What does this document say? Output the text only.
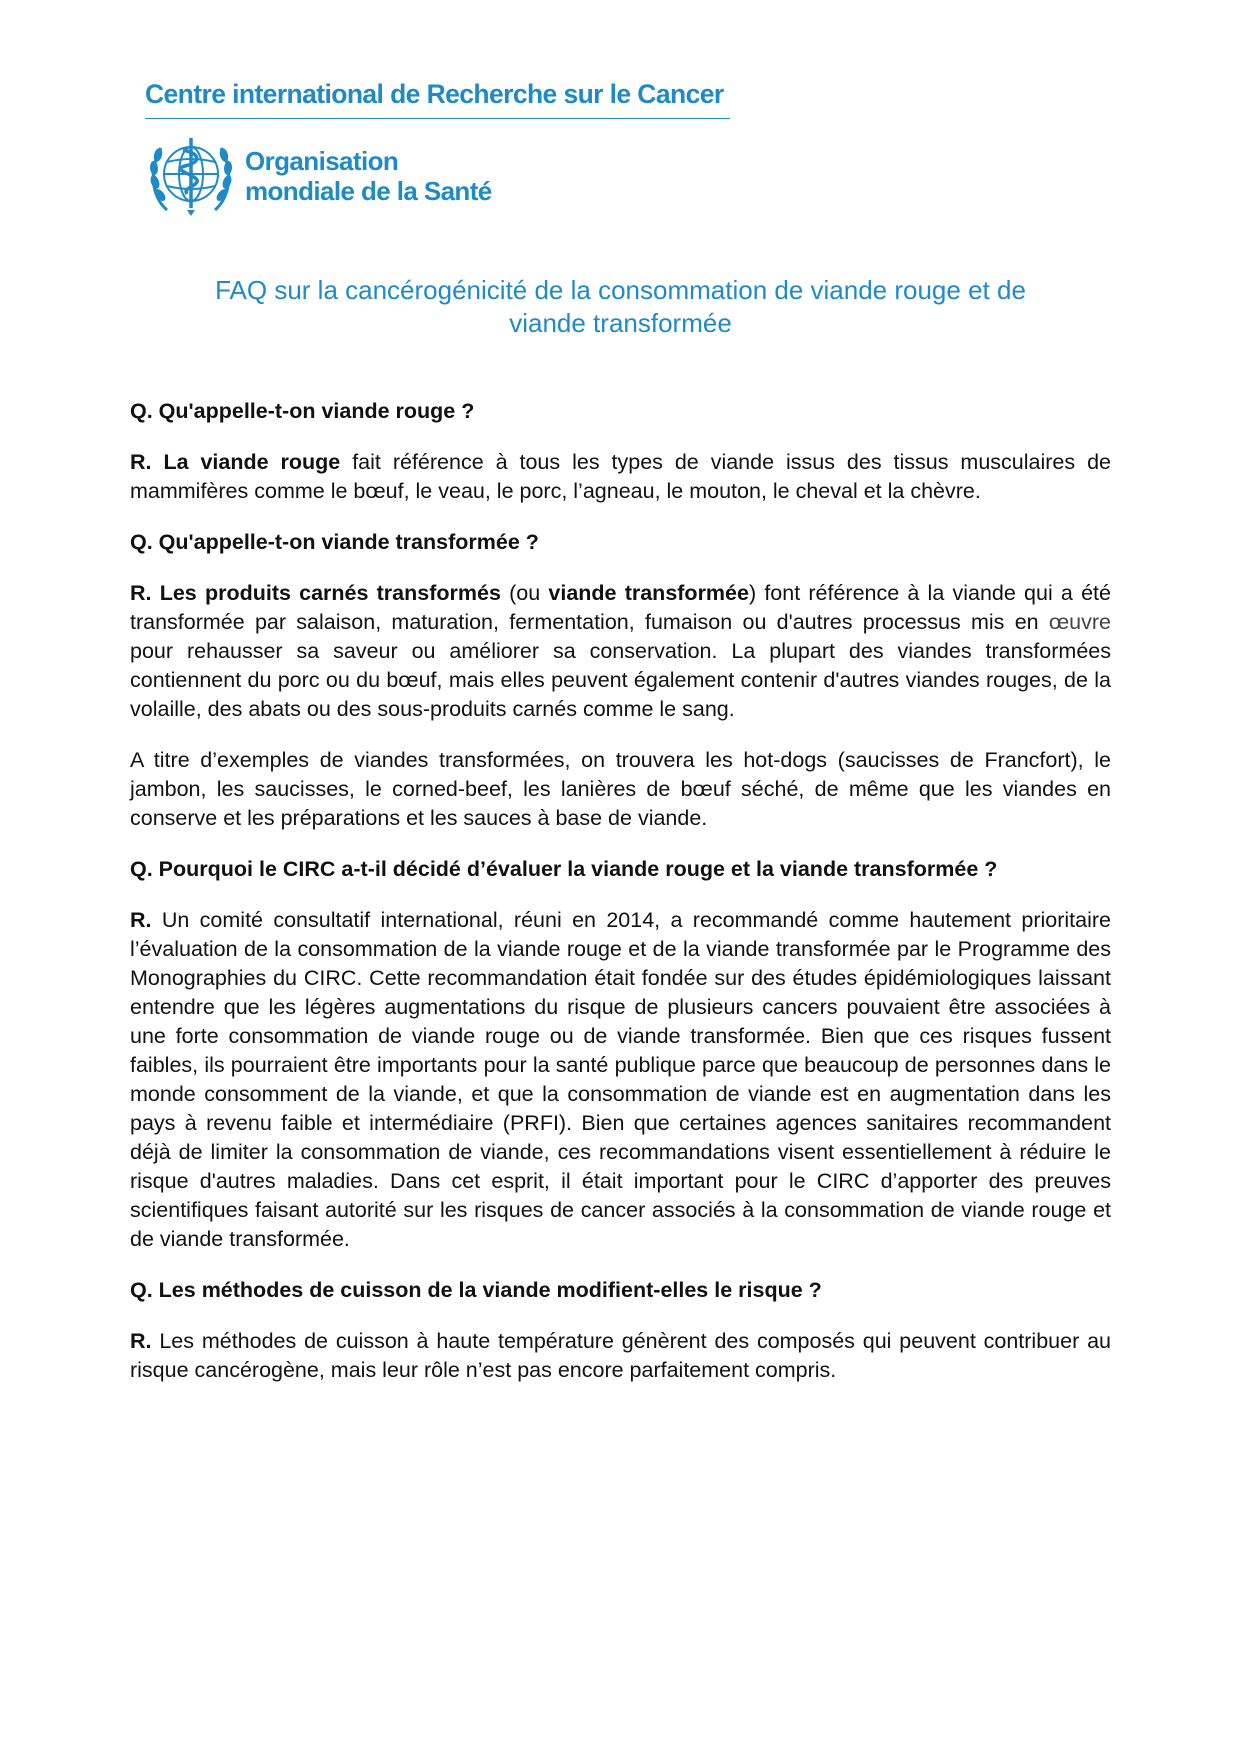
Centre international de Recherche sur le Cancer
Organisation
mondiale de la Santé
FAQ sur la cancérogénicité de la consommation de viande rouge et de
viande transformée

Q. Qu'appelle-t-on viande rouge ?

R. La viande rouge fait référence à tous les types de viande issus des tissus musculaires de mammifères comme le bœuf, le veau, le porc, l’agneau, le mouton, le cheval et la chèvre.

Q. Qu'appelle-t-on viande transformée ?

R. Les produits carnés transformés (ou viande transformée) font référence à la viande qui a été transformée par salaison, maturation, fermentation, fumaison ou d'autres processus mis en œuvre pour rehausser sa saveur ou améliorer sa conservation. La plupart des viandes transformées contiennent du porc ou du bœuf, mais elles peuvent également contenir d'autres viandes rouges, de la volaille, des abats ou des sous-produits carnés comme le sang.

A titre d’exemples de viandes transformées, on trouvera les hot-dogs (saucisses de Francfort), le jambon, les saucisses, le corned-beef, les lanières de bœuf séché, de même que les viandes en conserve et les préparations et les sauces à base de viande.

Q. Pourquoi le CIRC a-t-il décidé d’évaluer la viande rouge et la viande transformée ?

R. Un comité consultatif international, réuni en 2014, a recommandé comme hautement prioritaire l’évaluation de la consommation de la viande rouge et de la viande transformée par le Programme des Monographies du CIRC. Cette recommandation était fondée sur des études épidémiologiques laissant entendre que les légères augmentations du risque de plusieurs cancers pouvaient être associées à une forte consommation de viande rouge ou de viande transformée. Bien que ces risques fussent faibles, ils pourraient être importants pour la santé publique parce que beaucoup de personnes dans le monde consomment de la viande, et que la consommation de viande est en augmentation dans les pays à revenu faible et intermédiaire (PRFI). Bien que certaines agences sanitaires recommandent déjà de limiter la consommation de viande, ces recommandations visent essentiellement à réduire le risque d'autres maladies. Dans cet esprit, il était important pour le CIRC d’apporter des preuves scientifiques faisant autorité sur les risques de cancer associés à la consommation de viande rouge et de viande transformée.

Q. Les méthodes de cuisson de la viande modifient-elles le risque ?

R. Les méthodes de cuisson à haute température génèrent des composés qui peuvent contribuer au risque cancérogène, mais leur rôle n’est pas encore parfaitement compris.
